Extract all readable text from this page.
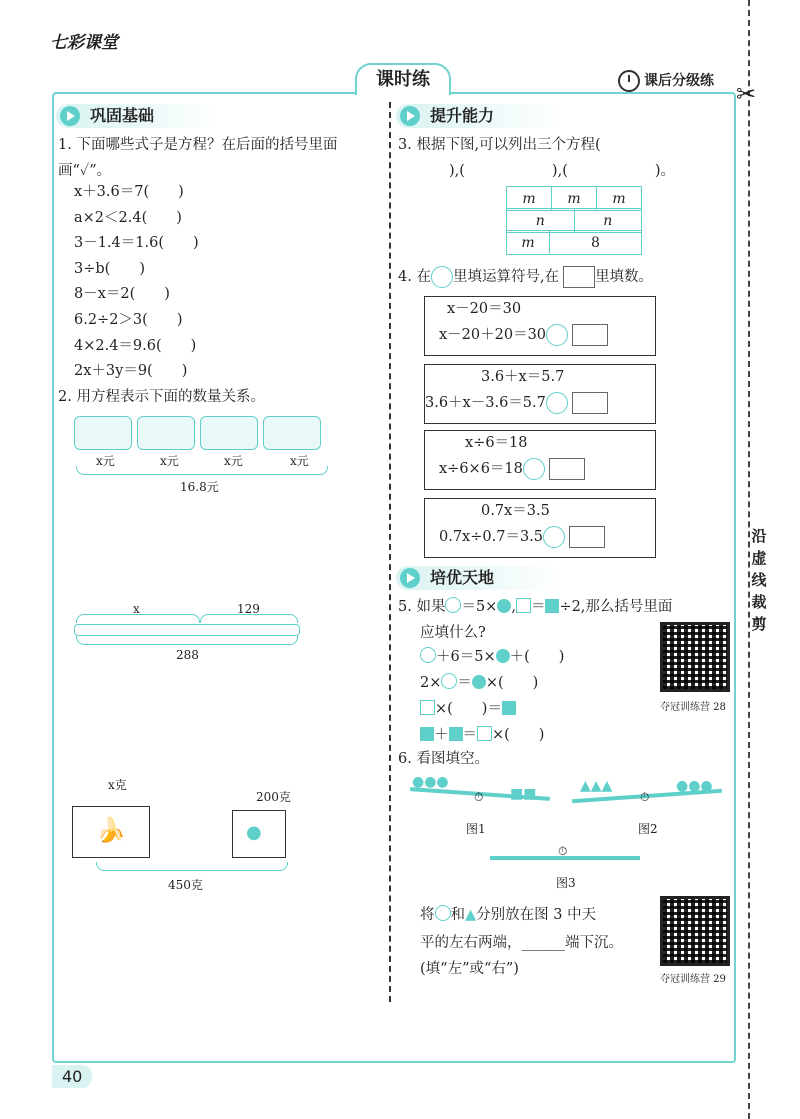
七彩课堂
课时练	课后分级练 ✂
沿虚线裁剪
巩固基础
1. 下面哪些式子是方程？在后面的括号里面画“✓”。
x＋3.6＝7(　　)
a×2＜2.4(　　)
3－1.4＝1.6(　　)
3÷b(　　)
8－x＝2(　　)
6.2÷2＞3(　　)
4×2.4＝9.6(　　)
2x＋3y＝9(　　)
2. 用方程表示下面的数量关系。

x元	x元	x元	x元
16.8元
x	129
288
x克
200克
🍌	●
450克
提升能力
3. 根据下图,可以列出三个方程(
　　),(　　　　　　),(　　　　　　)。
m	m	m
n	n
m	8
4. 在 里填运算符号,在 里填数。
x－20＝30
x－20＋20＝30
3.6＋x＝5.7
3.6＋x－3.6＝5.7
x÷6＝18
x÷6×6＝18
0.7x＝3.5
0.7x÷0.7＝3.5
培优天地
5. 如果 ＝5× , ＝ ÷2,那么括号里面
应填什么?
＋6＝5× ＋(　　)
2× ＝ ×(　　)
×(　　)＝
＋ ＝ ×(　　)
夺冠训练营 28
6. 看图填空。
●●●
■■
⏱
图1
▲▲▲	●●●
⏱
图2
⏱
图3
将 和▲分别放在图 3 中天
平的左右两端，______端下沉。
(填“左”或“右”)
夺冠训练营 29
40
